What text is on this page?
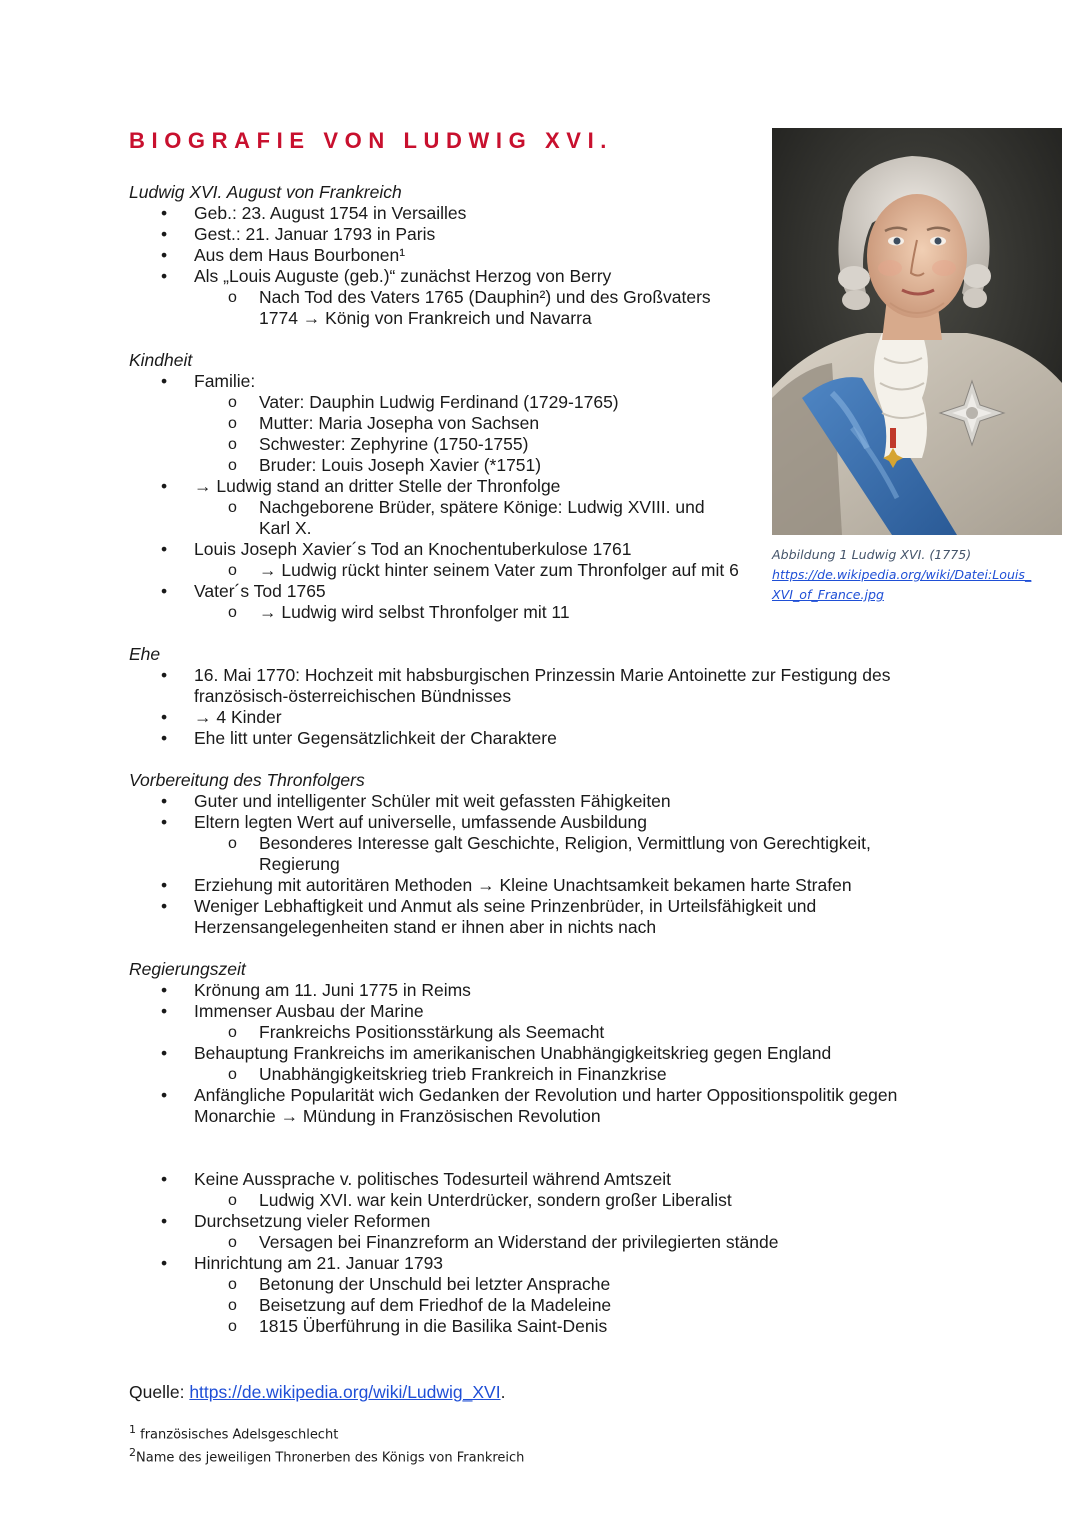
BIOGRAFIE VON LUDWIG XVI.
Abbildung 1 Ludwig XVI. (1775)
https://de.wikipedia.org/wiki/Datei:Louis_
XVI_of_France.jpg
Ludwig XVI. August von Frankreich
• Geb.: 23. August 1754 in Versailles
• Gest.: 21. Januar 1793 in Paris
• Aus dem Haus Bourbonen¹
• Als „Louis Auguste (geb.)“ zunächst Herzog von Berry
o Nach Tod des Vaters 1765 (Dauphin²) und des Großvaters 1774 → König von Frankreich und Navarra
Kindheit
• Familie:
o Vater: Dauphin Ludwig Ferdinand (1729-1765)
o Mutter: Maria Josepha von Sachsen
o Schwester: Zephyrine (1750-1755)
o Bruder: Louis Joseph Xavier (*1751)
• → Ludwig stand an dritter Stelle der Thronfolge
o Nachgeborene Brüder, spätere Könige: Ludwig XVIII. und Karl X.
• Louis Joseph Xavier´s Tod an Knochentuberkulose 1761
o → Ludwig rückt hinter seinem Vater zum Thronfolger auf mit 6
• Vater´s Tod 1765
o → Ludwig wird selbst Thronfolger mit 11
Ehe
• 16. Mai 1770: Hochzeit mit habsburgischen Prinzessin Marie Antoinette zur Festigung des französisch-österreichischen Bündnisses
• → 4 Kinder
• Ehe litt unter Gegensätzlichkeit der Charaktere
Vorbereitung des Thronfolgers
• Guter und intelligenter Schüler mit weit gefassten Fähigkeiten
• Eltern legten Wert auf universelle, umfassende Ausbildung
o Besonderes Interesse galt Geschichte, Religion, Vermittlung von Gerechtigkeit, Regierung
• Erziehung mit autoritären Methoden → Kleine Unachtsamkeit bekamen harte Strafen
• Weniger Lebhaftigkeit und Anmut als seine Prinzenbrüder, in Urteilsfähigkeit und Herzensangelegenheiten stand er ihnen aber in nichts nach
Regierungszeit
• Krönung am 11. Juni 1775 in Reims
• Immenser Ausbau der Marine
o Frankreichs Positionsstärkung als Seemacht
• Behauptung Frankreichs im amerikanischen Unabhängigkeitskrieg gegen England
o Unabhängigkeitskrieg trieb Frankreich in Finanzkrise
• Anfängliche Popularität wich Gedanken der Revolution und harter Oppositionspolitik gegen Monarchie → Mündung in Französischen Revolution
• Keine Aussprache v. politisches Todesurteil während Amtszeit
o Ludwig XVI. war kein Unterdrücker, sondern großer Liberalist
• Durchsetzung vieler Reformen
o Versagen bei Finanzreform an Widerstand der privilegierten stände
• Hinrichtung am 21. Januar 1793
o Betonung der Unschuld bei letzter Ansprache
o Beisetzung auf dem Friedhof de la Madeleine
o 1815 Überführung in die Basilika Saint-Denis
Quelle: https://de.wikipedia.org/wiki/Ludwig_XVI.
$^1$ französisches Adelsgeschlecht
$^2$Name des jeweiligen Thronerben des Königs von Frankreich
